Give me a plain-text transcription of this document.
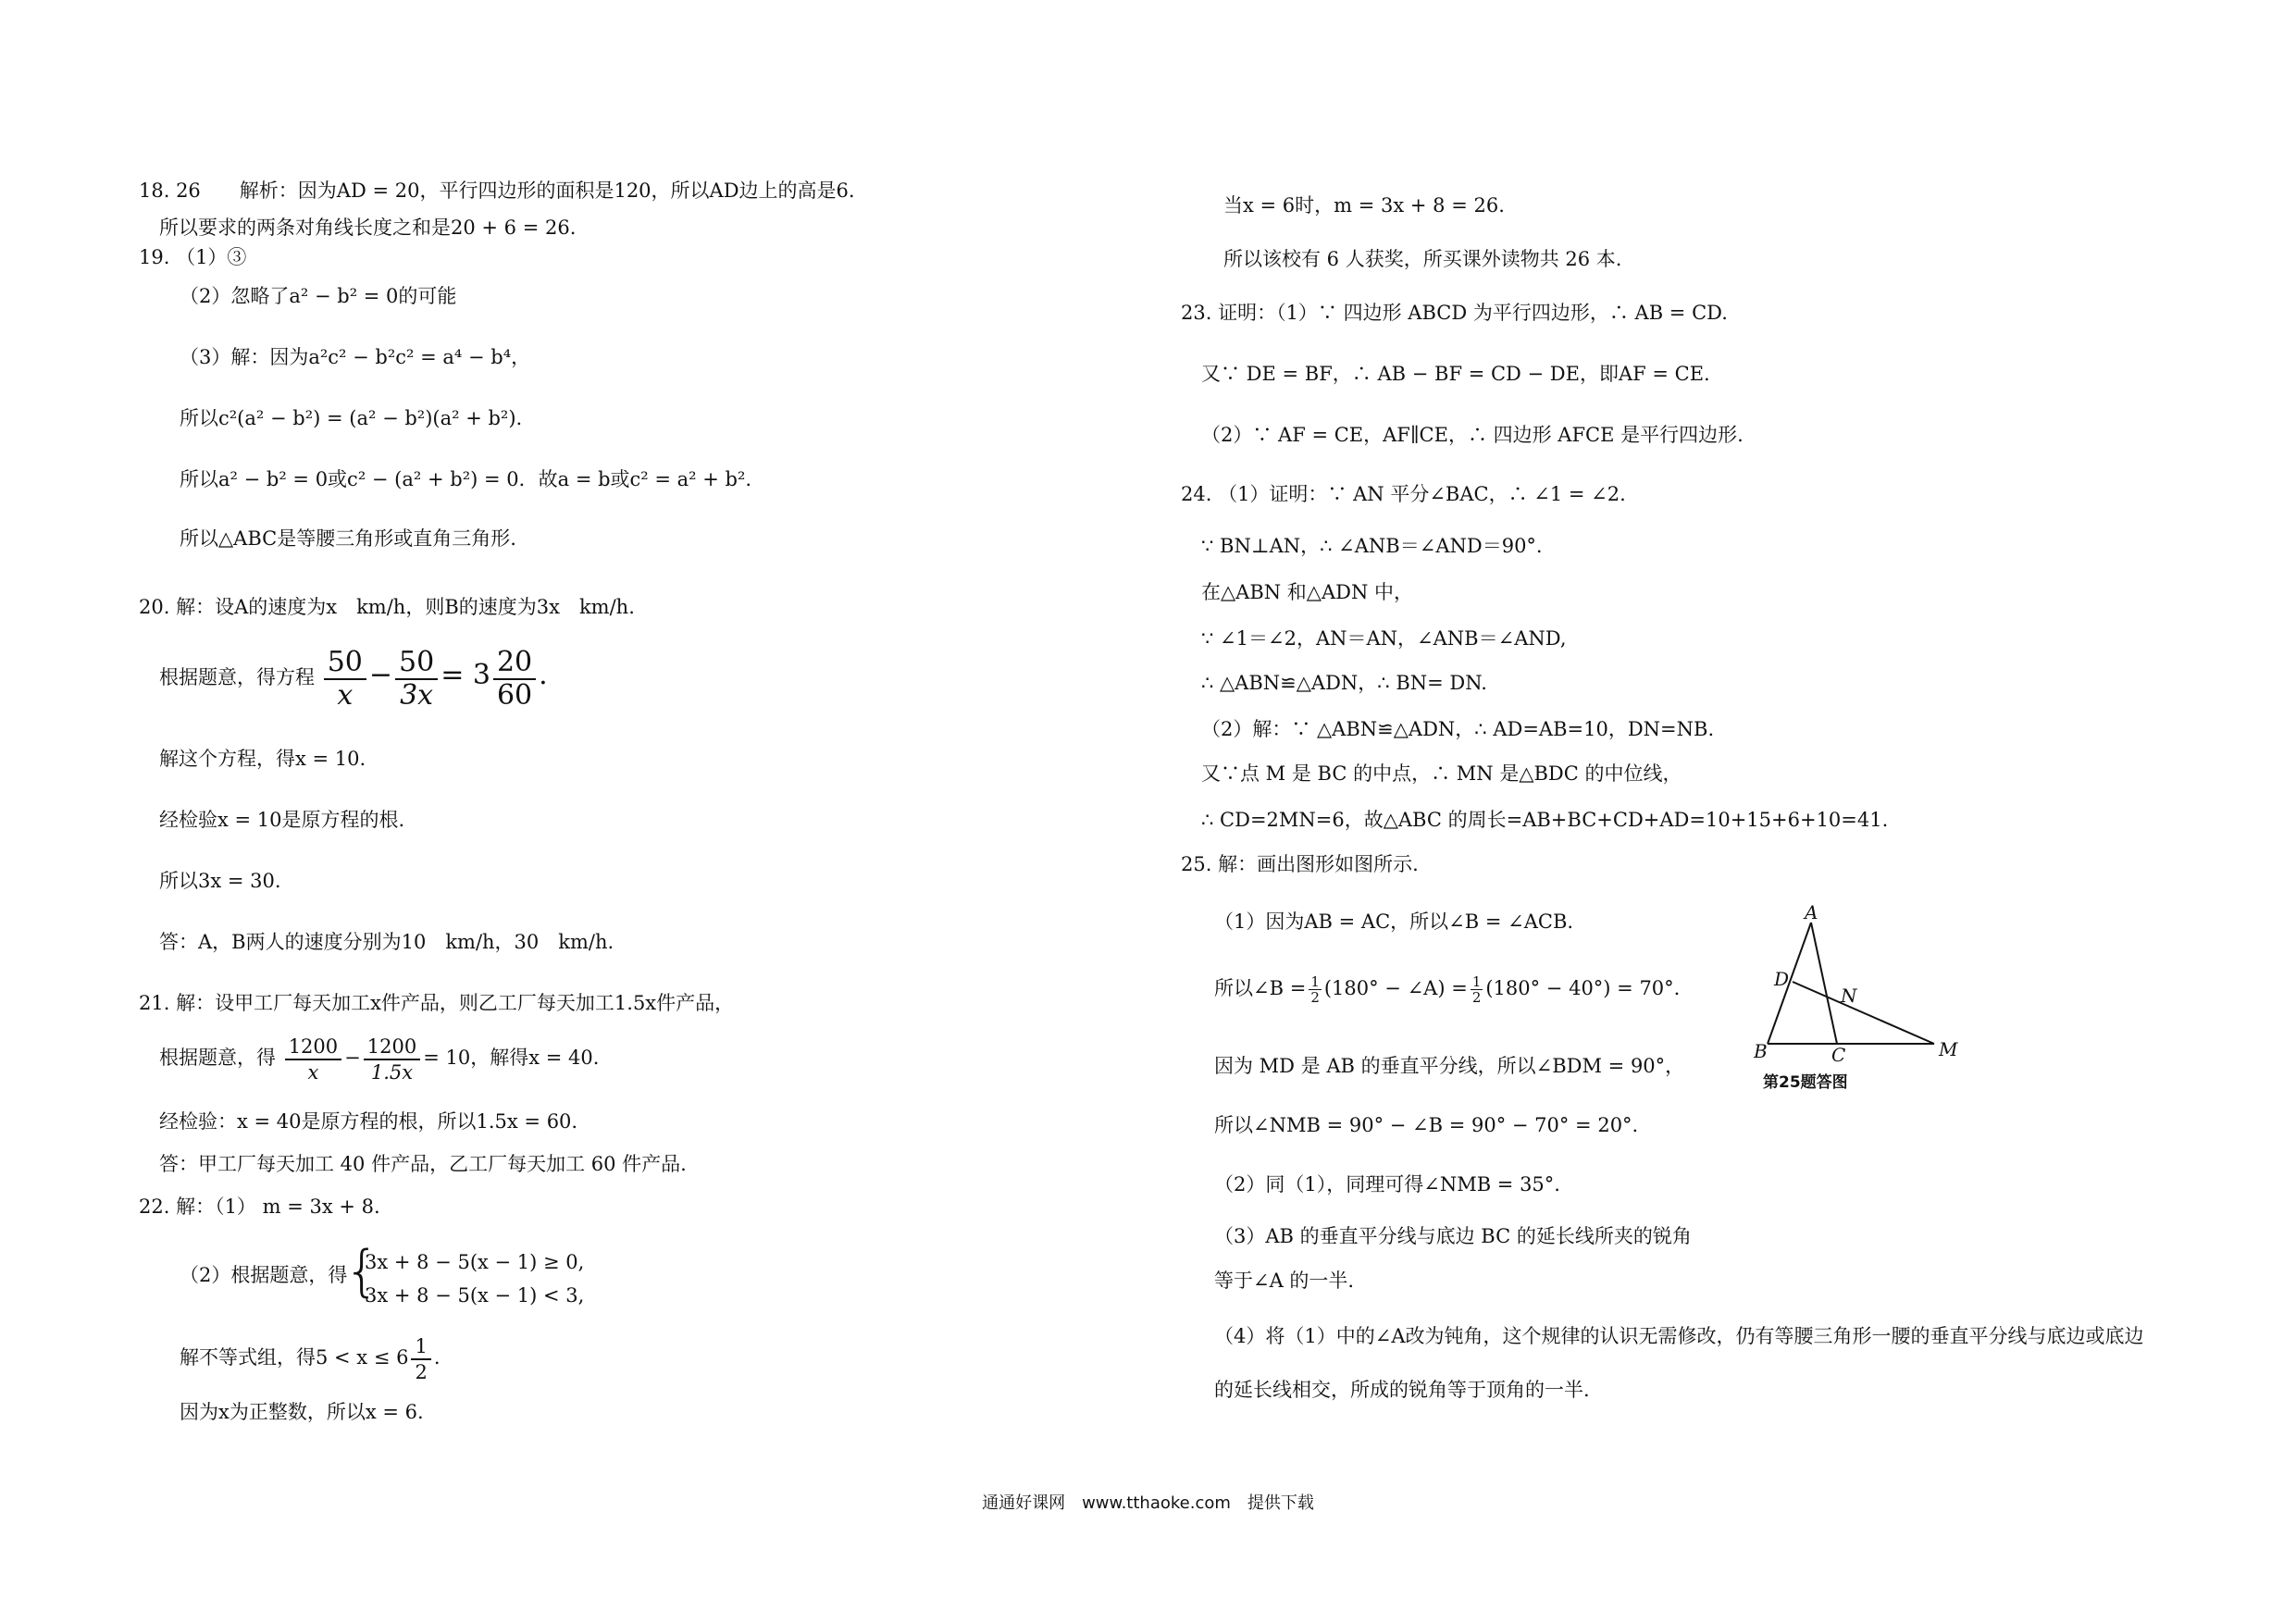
18. 26　　解析：因为AD = 20，平行四边形的面积是120，所以AD边上的高是6.
所以要求的两条对角线长度之和是20 + 6 = 26.
19. （1）③
（2）忽略了a² − b² = 0的可能
（3）解：因为a²c² − b²c² = a⁴ − b⁴，
所以c²(a² − b²) = (a² − b²)(a² + b²).
所以a² − b² = 0或c² − (a² + b²) = 0．故a = b或c² = a² + b².
所以△ABC是等腰三角形或直角三角形.
20. 解：设A的速度为x　km/h，则B的速度为3x　km/h.
根据题意，得方程 $\frac{50}{x} - \frac{50}{3x} = 3 \frac{20}{60}$ .
解这个方程，得x = 10.
经检验x = 10是原方程的根.
所以3x = 30.
答：A，B两人的速度分别为10　km/h，30　km/h.
21. 解：设甲工厂每天加工x件产品，则乙工厂每天加工1.5x件产品，
根据题意，得 $\frac{1200}{x} - \frac{1200}{1.5x} = 10$，解得x = 40.
经检验：x = 40是原方程的根，所以1.5x = 60.
答：甲工厂每天加工 40 件产品，乙工厂每天加工 60 件产品.
22. 解：（1） m = 3x + 8.
（2）根据题意，得
{
3x + 8 − 5(x − 1) ≥ 0,
3x + 8 − 5(x − 1) < 3,
解不等式组，得$5 < x \le 6 \frac{1}{2}$ .
因为x为正整数，所以x = 6.
当x = 6时，m = 3x + 8 = 26.
所以该校有 6 人获奖，所买课外读物共 26 本.
23. 证明：（1）∵ 四边形 ABCD 为平行四边形，∴ AB = CD.
又∵ DE = BF，∴ AB − BF = CD − DE，即AF = CE.
（2）∵ AF = CE，AF∥CE，∴ 四边形 AFCE 是平行四边形.
24. （1）证明：∵ AN 平分∠BAC，∴ ∠1 = ∠2.
∵ BN⊥AN，∴ ∠ANB＝∠AND＝90°.
在△ABN 和△ADN 中，
∵ ∠1＝∠2，AN＝AN，∠ANB＝∠AND,
∴ △ABN≌△ADN，∴ BN= DN.
（2）解：∵ △ABN≌△ADN，∴ AD=AB=10，DN=NB.
又∵点 M 是 BC 的中点，∴ MN 是△BDC 的中位线，
∴ CD=2MN=6，故△ABC 的周长=AB+BC+CD+AD=10+15+6+10=41.
25. 解：画出图形如图所示.
（1）因为AB = AC，所以∠B = ∠ACB.
所以∠B = $\frac{1}{2} (180^\circ$ − ∠A) = $\frac{1}{2} (180^\circ - 40^\circ) = 70^\circ$.
因为 MD 是 AB 的垂直平分线，所以∠BDM = 90°，
所以∠NMB = 90° − ∠B = 90° − 70° = 20°.
（2）同（1），同理可得∠NMB = 35°.
（3）AB 的垂直平分线与底边 BC 的延长线所夹的锐角
等于∠A 的一半.
（4）将（1）中的∠A改为钝角，这个规律的认识无需修改，仍有等腰三角形一腰的垂直平分线与底边或底边
的延长线相交，所成的锐角等于顶角的一半.
A
B	C
D
N
M
第25题答图
通通好课网　www.tthaoke.com　提供下载
